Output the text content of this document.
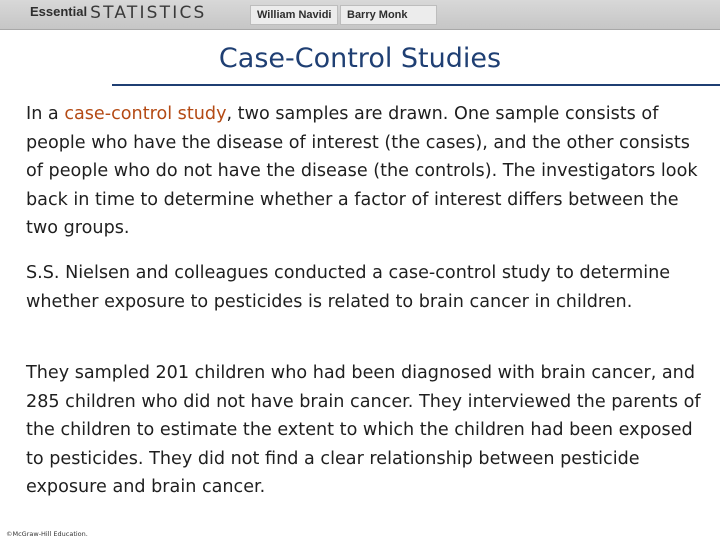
Essential STATISTICS	William Navidi	Barry Monk
Case-Control Studies

In a case-control study, two samples are drawn. One sample consists of people who have the disease of interest (the cases), and the other consists of people who do not have the disease (the controls). The investigators look back in time to determine whether a factor of interest differs between the two groups.

S.S. Nielsen and colleagues conducted a case-control study to determine whether exposure to pesticides is related to brain cancer in children.

They sampled 201 children who had been diagnosed with brain cancer, and 285 children who did not have brain cancer. They interviewed the parents of the children to estimate the extent to which the children had been exposed to pesticides. They did not find a clear relationship between pesticide exposure and brain cancer.

©McGraw-Hill Education.
